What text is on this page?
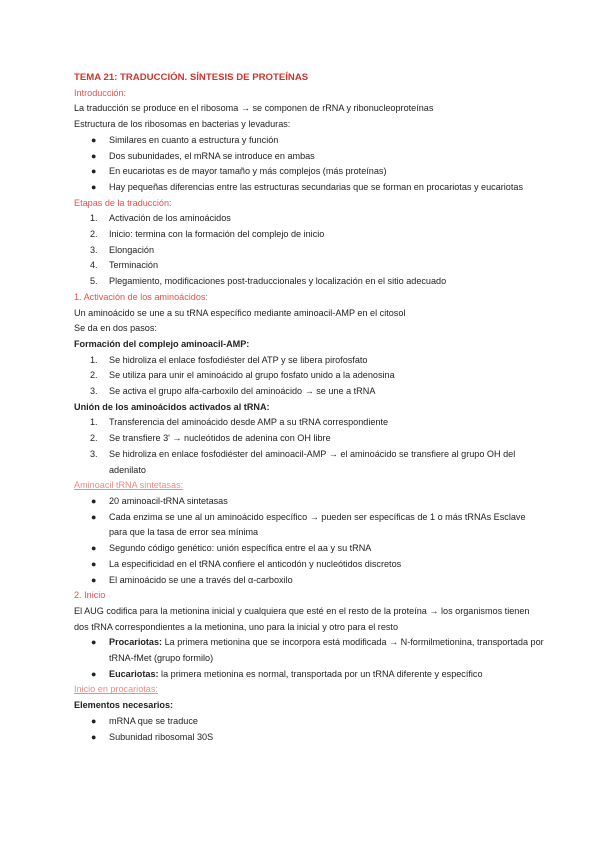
TEMA 21: TRADUCCIÓN. SÍNTESIS DE PROTEÍNAS

Introducción:

La traducción se produce en el ribosoma → se componen de rRNA y ribonucleoproteínas

Estructura de los ribosomas en bacterias y levaduras:

● Similares en cuanto a estructura y función
● Dos subunidades, el mRNA se introduce en ambas
● En eucariotas es de mayor tamaño y más complejos (más proteínas)
● Hay pequeñas diferencias entre las estructuras secundarias que se forman en procariotas y eucariotas

Etapas de la traducción:

1. Activación de los aminoácidos
2. Inicio: termina con la formación del complejo de inicio
3. Elongación
4. Terminación
5. Plegamiento, modificaciones post-traduccionales y localización en el sitio adecuado

1. Activación de los aminoácidos:

Un aminoácido se une a su tRNA específico mediante aminoacil-AMP en el citosol

Se da en dos pasos:

Formación del complejo aminoacil-AMP:

1. Se hidroliza el enlace fosfodiéster del ATP y se libera pirofosfato
2. Se utiliza para unir el aminoácido al grupo fosfato unido a la adenosina
3. Se activa el grupo alfa-carboxilo del aminoácido → se une a tRNA

Unión de los aminoácidos activados al tRNA:

1. Transferencia del aminoácido desde AMP a su tRNA correspondiente
2. Se transfiere 3' → nucleótidos de adenina con OH libre
3. Se hidroliza en enlace fosfodiéster del aminoacil-AMP → el aminoácido se transfiere al grupo OH del adenilato

Aminoacil tRNA sintetasas:

● 20 aminoacil-tRNA sintetasas
● Cada enzima se une al un aminoácido específico → pueden ser específicas de 1 o más tRNAs Esclave para que la tasa de error sea mínima
● Segundo código genético: unión específica entre el aa y su tRNA
● La especificidad en el tRNA confiere el anticodón y nucleótidos discretos
● El aminoácido se une a través del α-carboxilo

2. Inicio

El AUG codifica para la metionina inicial y cualquiera que esté en el resto de la proteína → los organismos tienen dos tRNA correspondientes a la metionina, uno para la inicial y otro para el resto

● Procariotas: La primera metionina que se incorpora está modificada → N-formilmetionina, transportada por tRNA-fMet (grupo formilo)
● Eucariotas: la primera metionina es normal, transportada por un tRNA diferente y específico

Inicio en procariotas:

Elementos necesarios:

● mRNA que se traduce
● Subunidad ribosomal 30S
